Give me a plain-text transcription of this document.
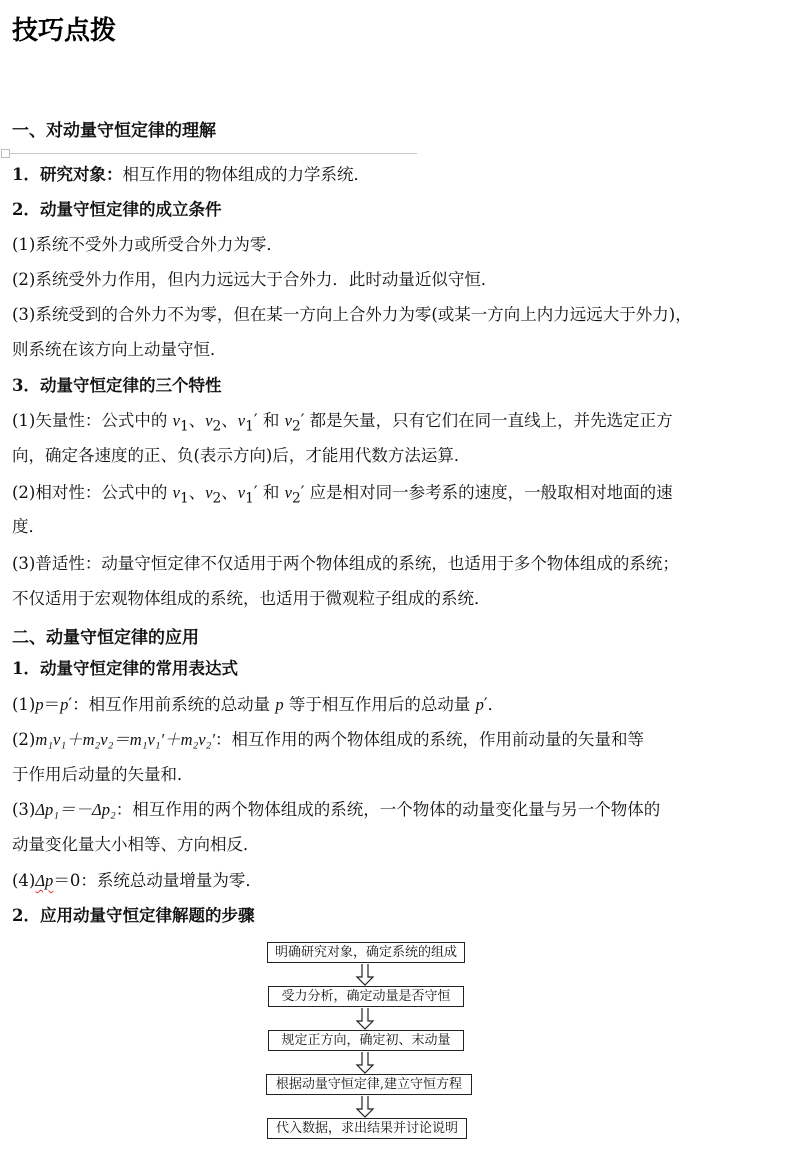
技巧点拨
一、对动量守恒定律的理解
1．研究对象：相互作用的物体组成的力学系统．
2．动量守恒定律的成立条件
(1)系统不受外力或所受合外力为零．
(2)系统受外力作用，但内力远远大于合外力．此时动量近似守恒．
(3)系统受到的合外力不为零，但在某一方向上合外力为零(或某一方向上内力远远大于外力)，
则系统在该方向上动量守恒．
3．动量守恒定律的三个特性
(1)矢量性：公式中的 $v_1$、$v_2$、$v_1'$ 和 $v_2'$ 都是矢量，只有它们在同一直线上，并先选定正方
向，确定各速度的正、负(表示方向)后，才能用代数方法运算．
(2)相对性：公式中的 $v_1$、$v_2$、$v_1'$ 和 $v_2'$ 应是相对同一参考系的速度，一般取相对地面的速
度．
(3)普适性：动量守恒定律不仅适用于两个物体组成的系统，也适用于多个物体组成的系统；
不仅适用于宏观物体组成的系统，也适用于微观粒子组成的系统．
二、动量守恒定律的应用
1．动量守恒定律的常用表达式
(1)p＝p′：相互作用前系统的总动量 p 等于相互作用后的总动量 p′．
(2)m₁v₁＋m₂v₂＝m₁v₁′＋m₂v₂′：相互作用的两个物体组成的系统，作用前动量的矢量和等
于作用后动量的矢量和．
(3)Δp₁＝－Δp₂：相互作用的两个物体组成的系统，一个物体的动量变化量与另一个物体的
动量变化量大小相等、方向相反．
(4)Δp＝0：系统总动量增量为零．
2．应用动量守恒定律解题的步骤
明确研究对象，确定系统的组成
受力分析，确定动量是否守恒
规定正方向，确定初、末动量
根据动量守恒定律,建立守恒方程
代入数据，求出结果并讨论说明
